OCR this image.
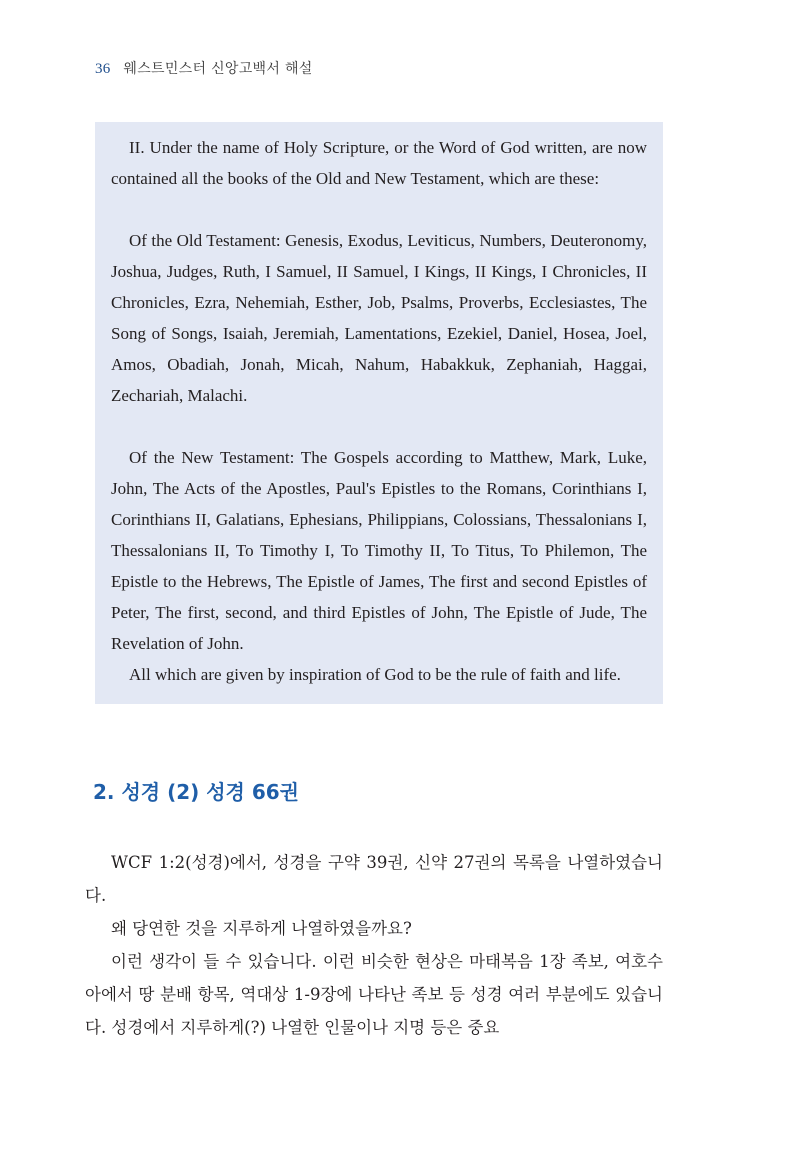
36 웨스트민스터 신앙고백서 해설

II. Under the name of Holy Scripture, or the Word of God written, are now contained all the books of the Old and New Testament, which are these:

Of the Old Testament: Genesis, Exodus, Leviticus, Numbers, Deuteronomy, Joshua, Judges, Ruth, I Samuel, II Samuel, I Kings, II Kings, I Chronicles, II Chronicles, Ezra, Nehemiah, Esther, Job, Psalms, Proverbs, Ecclesiastes, The Song of Songs, Isaiah, Jeremiah, Lamentations, Ezekiel, Daniel, Hosea, Joel, Amos, Obadiah, Jonah, Micah, Nahum, Habakkuk, Zephaniah, Haggai, Zechariah, Malachi.

Of the New Testament: The Gospels according to Matthew, Mark, Luke, John, The Acts of the Apostles, Paul's Epistles to the Romans, Corinthians I, Corinthians II, Galatians, Ephesians, Philippians, Colossians, Thessalonians I, Thessalonians II, To Timothy I, To Timothy II, To Titus, To Philemon, The Epistle to the Hebrews, The Epistle of James, The first and second Epistles of Peter, The first, second, and third Epistles of John, The Epistle of Jude, The Revelation of John.

All which are given by inspiration of God to be the rule of faith and life.

2. 성경 (2) 성경 66권

WCF 1:2(성경)에서, 성경을 구약 39권, 신약 27권의 목록을 나열하였습니다.

왜 당연한 것을 지루하게 나열하였을까요?

이런 생각이 들 수 있습니다. 이런 비슷한 현상은 마태복음 1장 족보, 여호수아에서 땅 분배 항목, 역대상 1-9장에 나타난 족보 등 성경 여러 부분에도 있습니다. 성경에서 지루하게(?) 나열한 인물이나 지명 등은 중요
